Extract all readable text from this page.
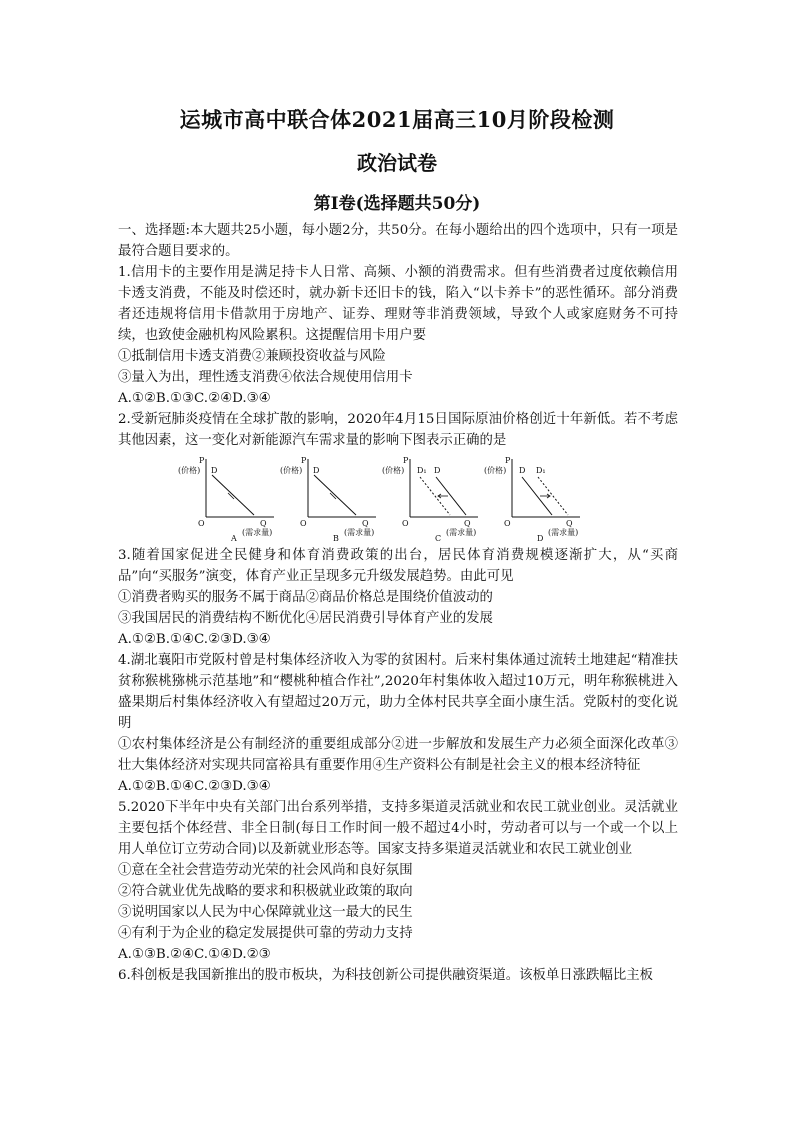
运城市高中联合体2021届高三10月阶段检测
政治试卷
第I卷(选择题共50分)

一、选择题:本大题共25小题，每小题2分，共50分。在每小题给出的四个选项中，只有一项是最符合题目要求的。

1.信用卡的主要作用是满足持卡人日常、高频、小额的消费需求。但有些消费者过度依赖信用卡透支消费，不能及时偿还时，就办新卡还旧卡的钱，陷入“以卡养卡”的恶性循环。部分消费者还违规将信用卡借款用于房地产、证券、理财等非消费领域，导致个人或家庭财务不可持续，也致使金融机构风险累积。这提醒信用卡用户要

①抵制信用卡透支消费②兼顾投资收益与风险

③量入为出，理性透支消费④依法合规使用信用卡

A.①②B.①③C.②④D.③④

2.受新冠肺炎疫情在全球扩散的影响，2020年4月15日国际原油价格创近十年新低。若不考虑其他因素，这一变化对新能源汽车需求量的影响下图表示正确的是

P
(价格) D
O	Q
(需求量)
A
P
(价格) D
O	Q
(需求量)
B
P
(价格) D₁ D
O	Q
(需求量)
C
P
(价格) D D₁
O	Q
(需求量)
D

3.随着国家促进全民健身和体育消费政策的出台，居民体育消费规模逐渐扩大，从“买商品”向“买服务”演变，体育产业正呈现多元升级发展趋势。由此可见

①消费者购买的服务不属于商品②商品价格总是围绕价值波动的

③我国居民的消费结构不断优化④居民消费引导体育产业的发展

A.①②B.①④C.②③D.③④

4.湖北襄阳市党阪村曾是村集体经济收入为零的贫困村。后来村集体通过流转土地建起“精准扶贫称猴桃猕桃示范基地”和“樱桃种植合作社”,2020年村集体收入超过10万元，明年称猴桃进入盛果期后村集体经济收入有望超过20万元，助力全体村民共享全面小康生活。党阪村的变化说明

①农村集体经济是公有制经济的重要组成部分②进一步解放和发展生产力必须全面深化改革③壮大集体经济对实现共同富裕具有重要作用④生产资料公有制是社会主义的根本经济特征

A.①②B.①④C.②③D.③④

5.2020下半年中央有关部门出台系列举措，支持多渠道灵活就业和农民工就业创业。灵活就业主要包括个体经营、非全日制(每日工作时间一般不超过4小时，劳动者可以与一个或一个以上用人单位订立劳动合同)以及新就业形态等。国家支持多渠道灵活就业和农民工就业创业

①意在全社会营造劳动光荣的社会风尚和良好氛围

②符合就业优先战略的要求和积极就业政策的取向

③说明国家以人民为中心保障就业这一最大的民生

④有利于为企业的稳定发展提供可靠的劳动力支持

A.①③B.②④C.①④D.②③

6.科创板是我国新推出的股市板块，为科技创新公司提供融资渠道。该板单日涨跌幅比主板
